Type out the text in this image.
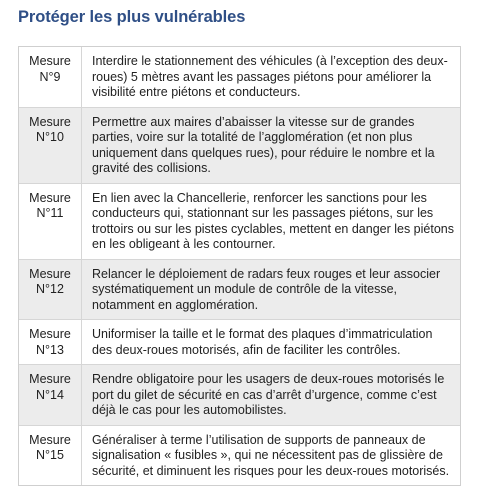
Protéger les plus vulnérables
Mesure
N°9	Interdire le stationnement des véhicules (à l’exception des deux-roues) 5 mètres avant les passages piétons pour améliorer la visibilité entre piétons et conducteurs.

Mesure
N°10	Permettre aux maires d’abaisser la vitesse sur de grandes parties, voire sur la totalité de l’agglomération (et non plus uniquement dans quelques rues), pour réduire le nombre et la gravité des collisions.

Mesure
N°11	En lien avec la Chancellerie, renforcer les sanctions pour les conducteurs qui, stationnant sur les passages piétons, sur les trottoirs ou sur les pistes cyclables, mettent en danger les piétons en les obligeant à les contourner.

Mesure
N°12	Relancer le déploiement de radars feux rouges et leur associer systématiquement un module de contrôle de la vitesse, notamment en agglomération.

Mesure
N°13	Uniformiser la taille et le format des plaques d’immatriculation des deux-roues motorisés, afin de faciliter les contrôles.

Mesure
N°14	Rendre obligatoire pour les usagers de deux-roues motorisés le port du gilet de sécurité en cas d’arrêt d’urgence, comme c’est déjà le cas pour les automobilistes.

Mesure
N°15	Généraliser à terme l’utilisation de supports de panneaux de signalisation « fusibles », qui ne nécessitent pas de glissière de sécurité, et diminuent les risques pour les deux-roues motorisés.
